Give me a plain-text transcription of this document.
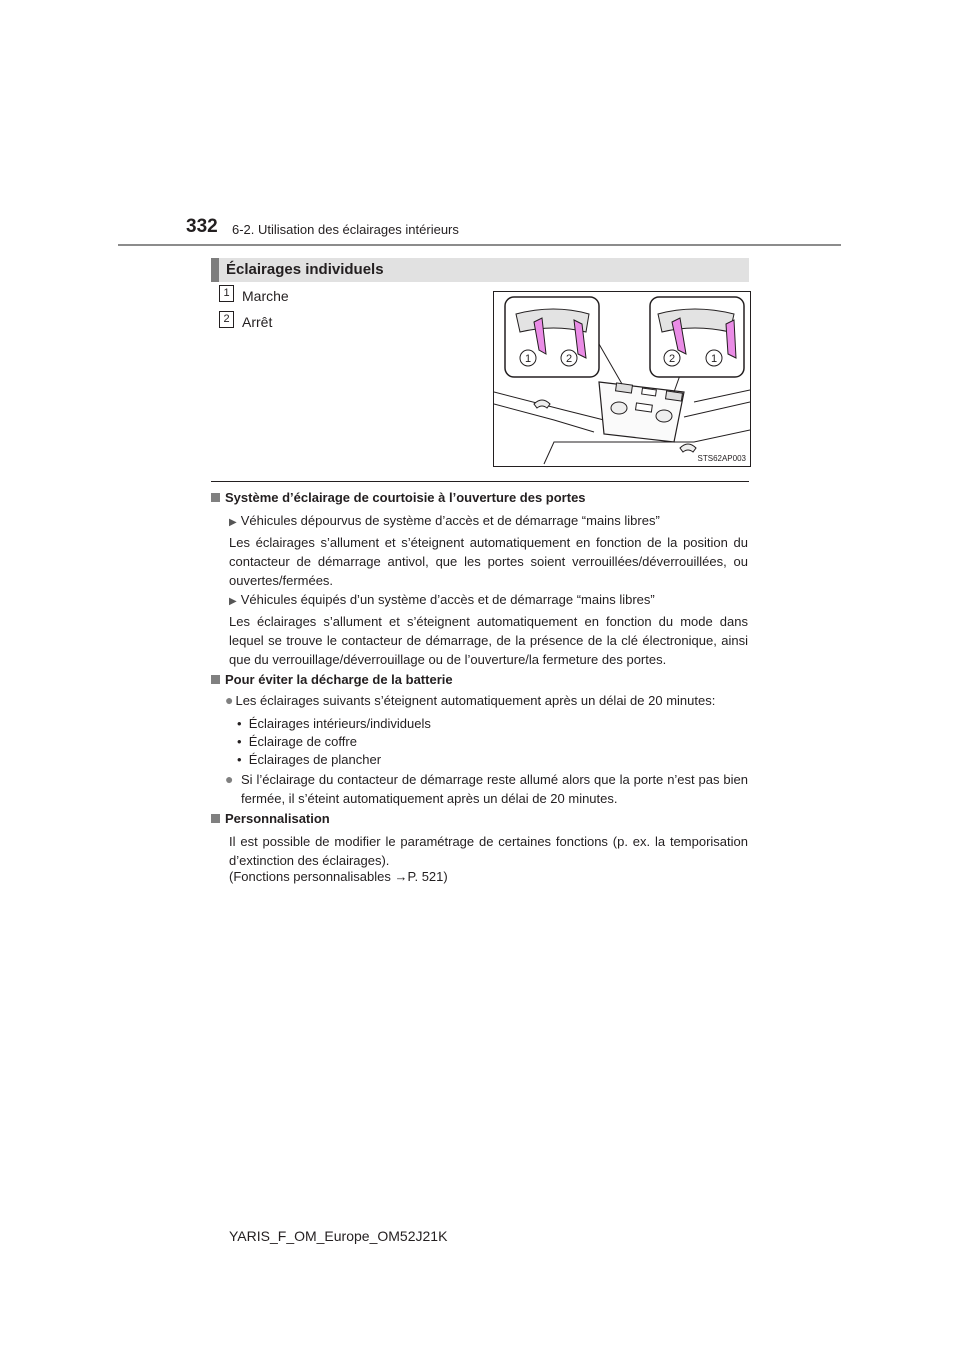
332 6-2. Utilisation des éclairages intérieurs
Éclairages individuels
1 Marche
2 Arrêt
1	2	2	1
STS62AP003
Système d’éclairage de courtoisie à l’ouverture des portes
▶ Véhicules dépourvus de système d’accès et de démarrage “mains libres”
Les éclairages s’allument et s’éteignent automatiquement en fonction de la position du contacteur de démarrage antivol, que les portes soient verrouillées/déverrouillées, ou ouvertes/fermées.
▶ Véhicules équipés d’un système d’accès et de démarrage “mains libres”
Les éclairages s’allument et s’éteignent automatiquement en fonction du mode dans lequel se trouve le contacteur de démarrage, de la présence de la clé électronique, ainsi que du verrouillage/déverrouillage ou de l’ouverture/la fermeture des portes.
Pour éviter la décharge de la batterie
● Les éclairages suivants s’éteignent automatiquement après un délai de 20 minutes:
•  Éclairages intérieurs/individuels
•  Éclairage de coffre
•  Éclairages de plancher
● Si l’éclairage du contacteur de démarrage reste allumé alors que la porte n’est pas bien fermée, il s’éteint automatiquement après un délai de 20 minutes.
Personnalisation
Il est possible de modifier le paramétrage de certaines fonctions (p. ex. la temporisation d’extinction des éclairages).
(Fonctions personnalisables →P. 521)
YARIS_F_OM_Europe_OM52J21K
